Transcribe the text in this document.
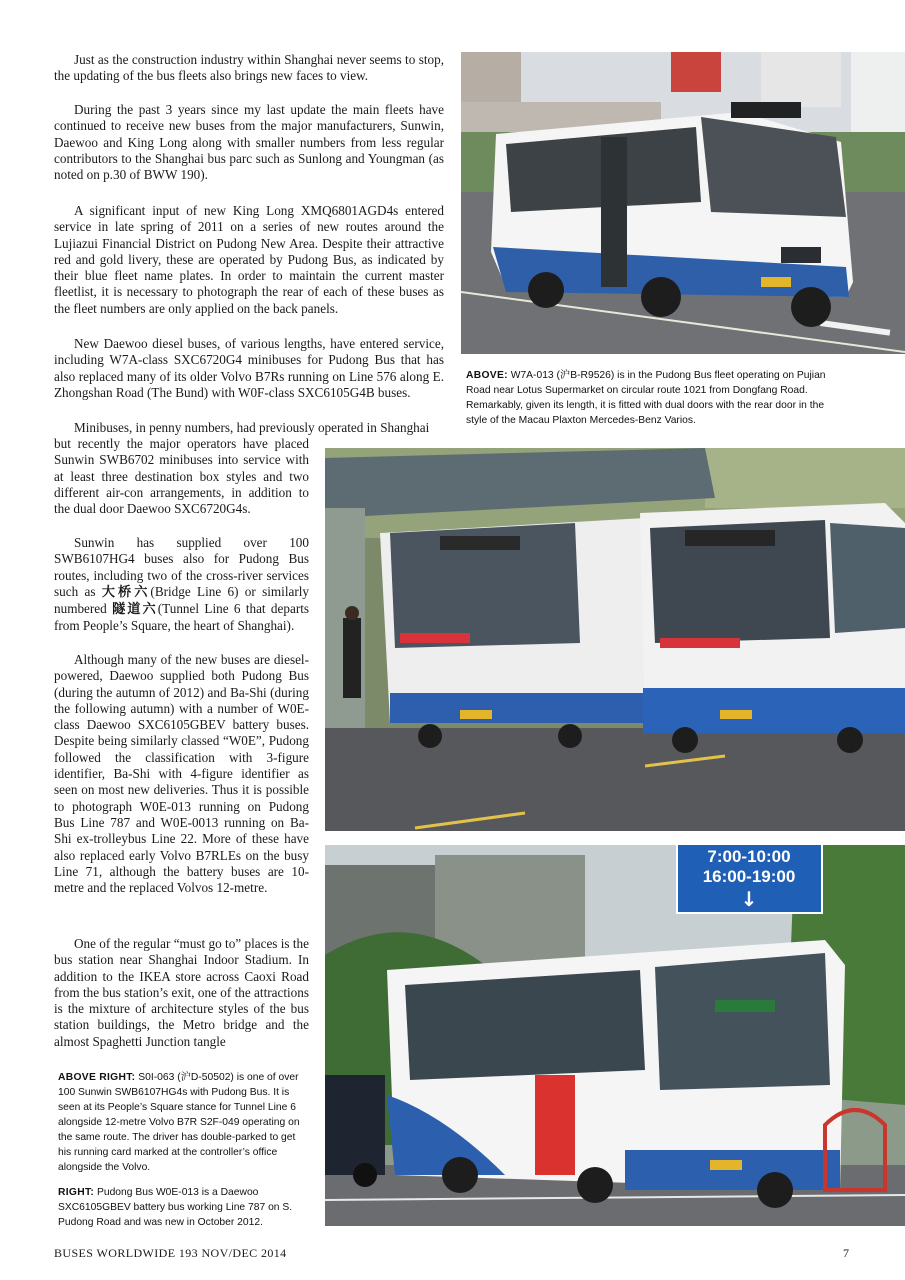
Just as the construction industry within Shanghai never seems to stop, the updating of the bus fleets also brings new faces to view.

During the past 3 years since my last update the main fleets have continued to receive new buses from the major manufacturers, Sunwin, Daewoo and King Long along with smaller numbers from less regular contributors to the Shanghai bus parc such as Sunlong and Youngman (as noted on p.30 of BWW 190).

A significant input of new King Long XMQ6801AGD4s entered service in late spring of 2011 on a series of new routes around the Lujiazui Financial District on Pudong New Area. Despite their attractive red and gold livery, these are operated by Pudong Bus, as indicated by their blue fleet name plates. In order to maintain the current master fleetlist, it is necessary to photograph the rear of each of these buses as the fleet numbers are only applied on the back panels.

New Daewoo diesel buses, of various lengths, have entered service, including W7A-class SXC6720G4 minibuses for Pudong Bus that has also replaced many of its older Volvo B7Rs running on Line 576 along E. Zhongshan Road (The Bund) with W0F-class SXC6105G4B buses.

Minibuses, in penny numbers, had previously operated in Shanghai

but recently the major operators have placed Sunwin SWB6702 minibuses into service with at least three destination box styles and two different air-con arrangements, in addition to the dual door Daewoo SXC6720G4s.

Sunwin has supplied over 100 SWB6107HG4 buses also for Pudong Bus routes, including two of the cross-river services such as 大桥六(Bridge Line 6) or similarly numbered 隧道六(Tunnel Line 6 that departs from People’s Square, the heart of Shanghai).

Although many of the new buses are diesel-powered, Daewoo supplied both Pudong Bus (during the autumn of 2012) and Ba-Shi (during the following autumn) with a number of W0E-class Daewoo SXC6105GBEV battery buses. Despite being similarly classed “W0E”, Pudong followed the classification with 3-figure identifier, Ba-Shi with 4-figure identifier as seen on most new deliveries. Thus it is possible to photograph W0E-013 running on Pudong Bus Line 787 and W0E-0013 running on Ba-Shi ex-trolleybus Line 22. More of these have also replaced early Volvo B7RLEs on the busy Line 71, although the battery buses are 10-metre and the replaced Volvos 12-metre.

One of the regular “must go to” places is the bus station near Shanghai Indoor Stadium. In addition to the IKEA store across Caoxi Road from the bus station’s exit, one of the attractions is the mixture of architecture styles of the bus station buildings, the Metro bridge and the almost Spaghetti Junction tangle

ABOVE: W7A-013 (沪B-R9526) is in the Pudong Bus fleet operating on Pujian Road near Lotus Supermarket on circular route 1021 from Dongfang Road. Remarkably, given its length, it is fitted with dual doors with the rear door in the style of the Macau Plaxton Mercedes-Benz Varios.

ABOVE RIGHT: S0I-063 (沪D-50502) is one of over 100 Sunwin SWB6107HG4s with Pudong Bus. It is seen at its People’s Square stance for Tunnel Line 6 alongside 12-metre Volvo B7R S2F-049 operating on the same route. The driver has double-parked to get his running card marked at the controller’s office alongside the Volvo.

RIGHT: Pudong Bus W0E-013 is a Daewoo SXC6105GBEV battery bus working Line 787 on S. Pudong Road and was new in October 2012.

7:00-10:00
16:00-19:00
↓
BUSES WORLDWIDE 193 NOV/DEC 2014	7
